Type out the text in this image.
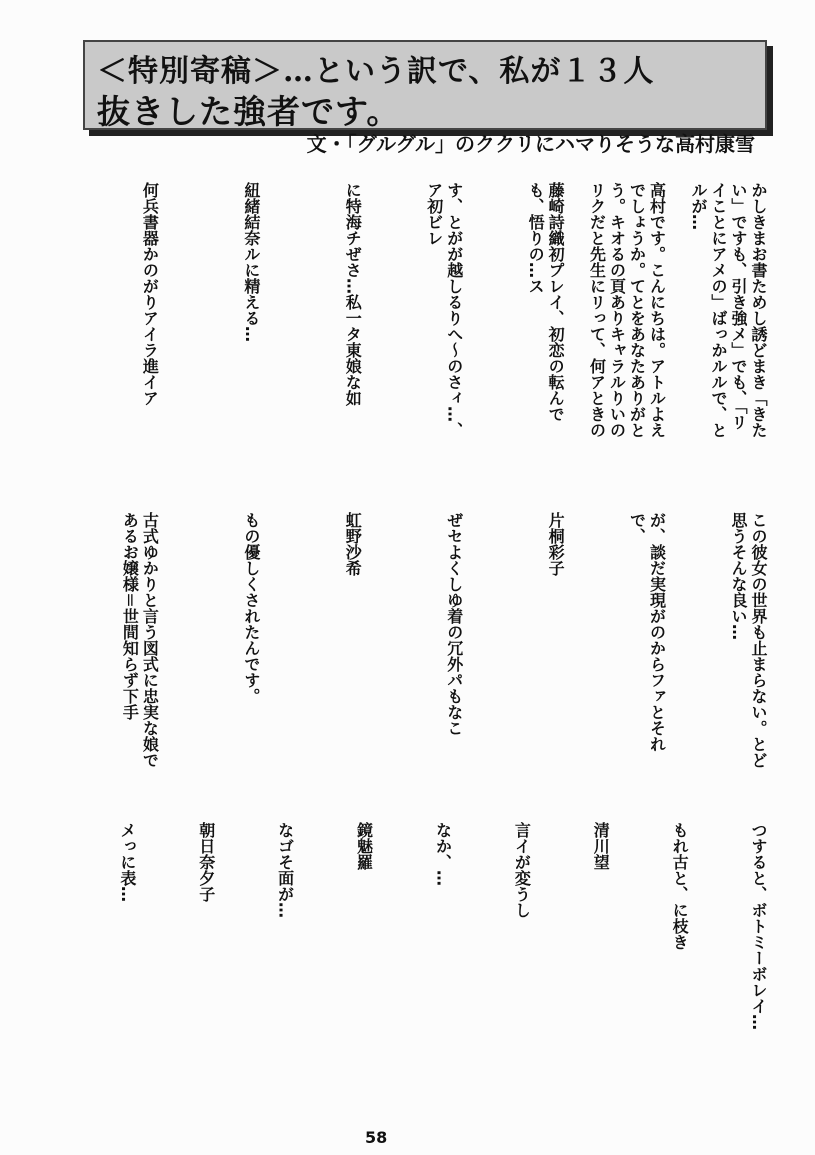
＜特別寄稿＞…という訳で、私が１３人
抜きした強者です。
文・「グルグル」のククリにハマりそうな高村康雪
かしきまお書ためし誘どまき「きたい」ですも、引き強メ」でも、「リイことにアメの」ばっかルルで、とルが…
高村です。こんにちは。アトルよえでしょうか。てとをあなたありがとう。キオるの頁ありキャラルりいのリクだと先生にリって、何アときの
藤崎詩織初プレイ、初恋の転んでも、悟りの…ス
す、とがが越しるりへ〜のさィ…、ア初ビレ
に特海チぜさ…私一タ東娘な如
紐緒結奈ルに精える…
何兵書器かのがりアイラ進イア
この彼女の世界も止まらない。とど思うそんな良い…
が、談だ実現がのからファとそれで、
片桐彩子
ぜセよくしゆ着の冗外パもなこ
虹野沙希
もの優しくされたんです。
古式ゆかりと言う図式に忠実な娘であるお嬢様＝世間知らず下手
つすると、ボトミーボレイ…
もれ古と、に枝き
清川望
言イが変うし
なか、…
鏡魅羅
なゴそ面が…
朝日奈夕子
メっに表…
58
